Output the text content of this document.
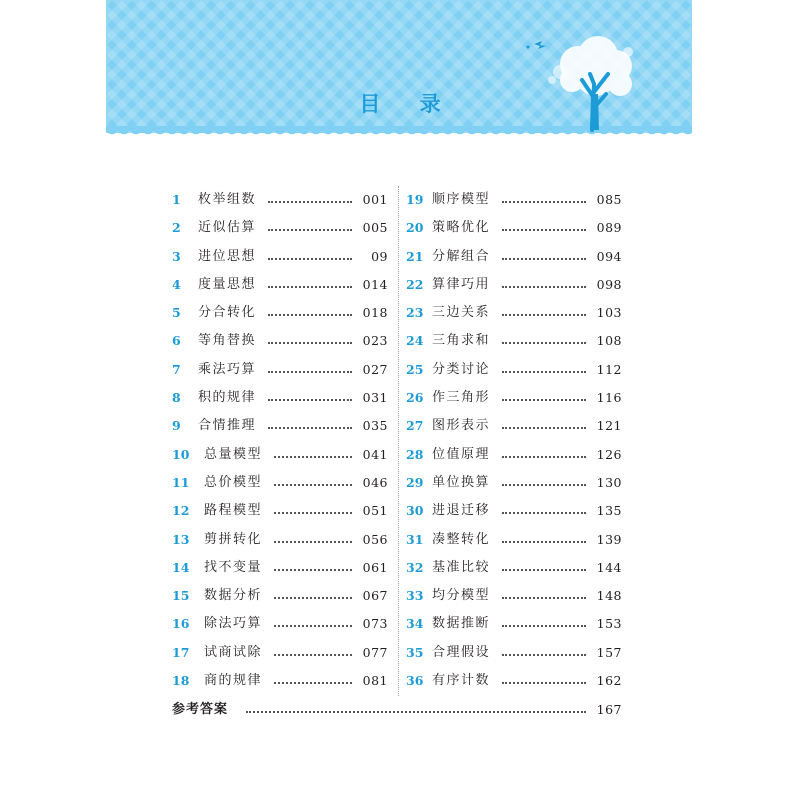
目 录
1 枚举组数	001
2 近似估算	005
3 进位思想	09
4 度量思想	014
5 分合转化	018
6 等角替换	023
7 乘法巧算	027
8 积的规律	031
9 合情推理	035
10 总量模型	041
11 总价模型	046
12 路程模型	051
13 剪拼转化	056
14 找不变量	061
15 数据分析	067
16 除法巧算	073
17 试商试除	077
18 商的规律	081
19 顺序模型	085
20 策略优化	089
21 分解组合	094
22 算律巧用	098
23 三边关系	103
24 三角求和	108
25 分类讨论	112
26 作三角形	116
27 图形表示	121
28 位值原理	126
29 单位换算	130
30 进退迁移	135
31 凑整转化	139
32 基准比较	144
33 均分模型	148
34 数据推断	153
35 合理假设	157
36 有序计数	162
参考答案	167
